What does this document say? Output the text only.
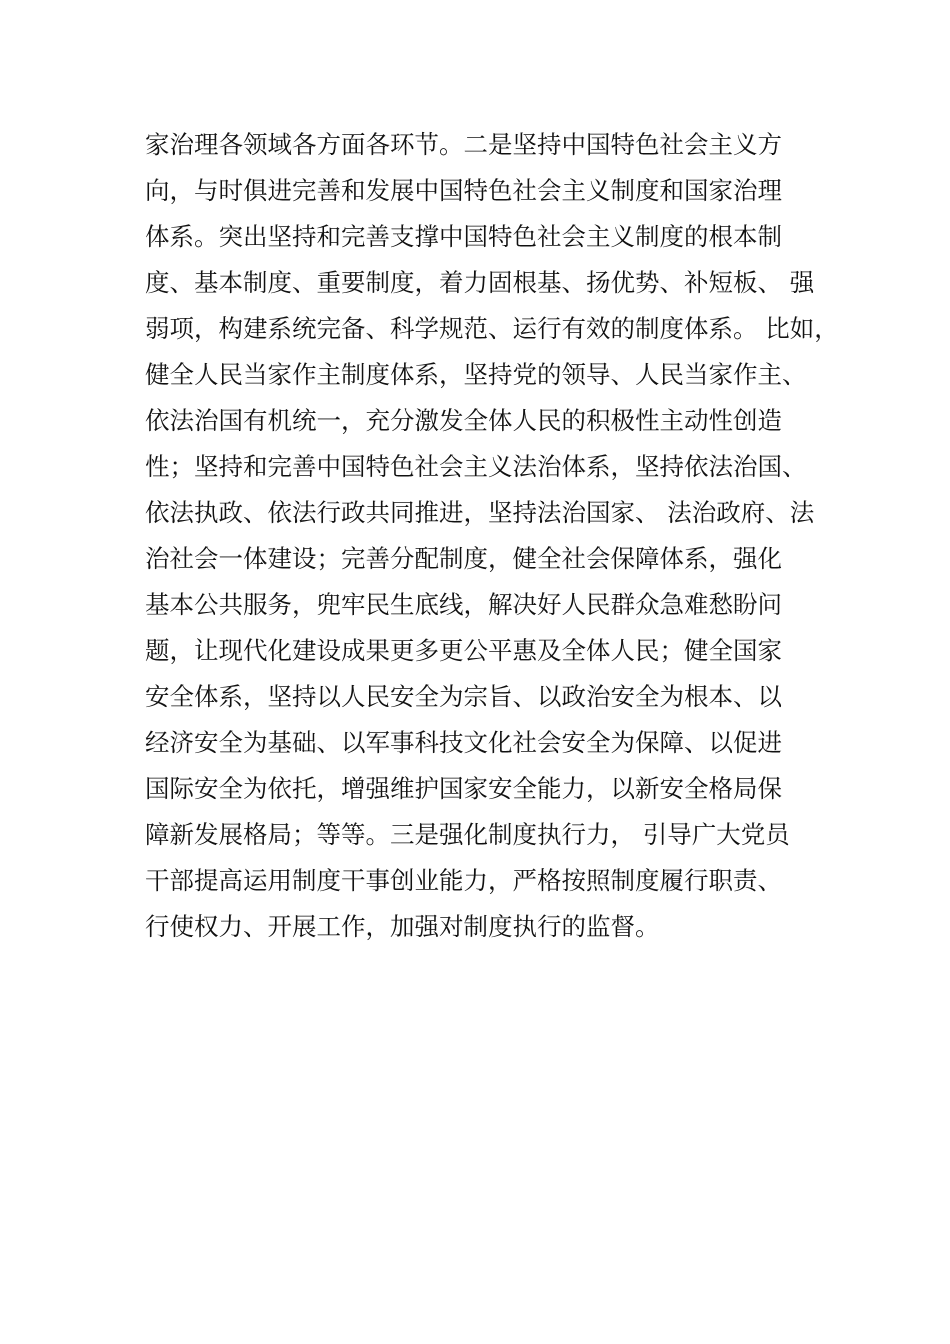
家治理各领域各方面各环节。二是坚持中国特色社会主义方
向，与时俱进完善和发展中国特色社会主义制度和国家治理
体系。突出坚持和完善支撑中国特色社会主义制度的根本制
度、基本制度、重要制度，着力固根基、扬优势、补短板、 强
弱项，构建系统完备、科学规范、运行有效的制度体系。 比如，
健全人民当家作主制度体系，坚持党的领导、人民当家作主、
依法治国有机统一，充分激发全体人民的积极性主动性创造
性；坚持和完善中国特色社会主义法治体系，坚持依法治国、
依法执政、依法行政共同推进，坚持法治国家、 法治政府、法
治社会一体建设；完善分配制度，健全社会保障体系，强化
基本公共服务，兜牢民生底线，解决好人民群众急难愁盼问
题，让现代化建设成果更多更公平惠及全体人民；健全国家
安全体系，坚持以人民安全为宗旨、以政治安全为根本、以
经济安全为基础、以军事科技文化社会安全为保障、以促进
国际安全为依托，增强维护国家安全能力，以新安全格局保
障新发展格局；等等。三是强化制度执行力， 引导广大党员
干部提高运用制度干事创业能力，严格按照制度履行职责、
行使权力、开展工作，加强对制度执行的监督。
